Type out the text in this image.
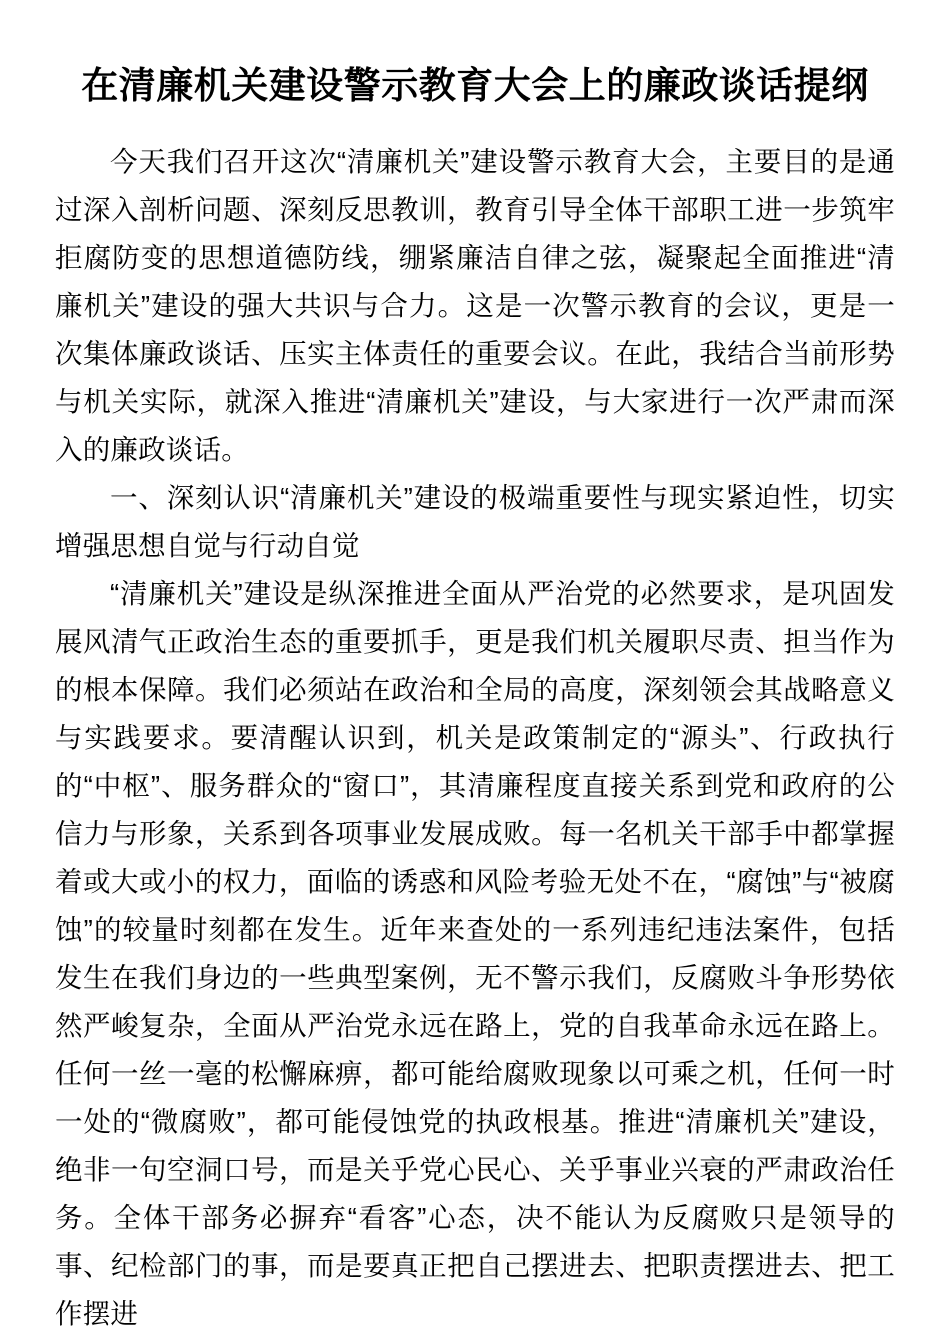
在清廉机关建设警示教育大会上的廉政谈话提纲

今天我们召开这次“清廉机关”建设警示教育大会，主要目的是通过深入剖析问题、深刻反思教训，教育引导全体干部职工进一步筑牢拒腐防变的思想道德防线，绷紧廉洁自律之弦，凝聚起全面推进“清廉机关”建设的强大共识与合力。这是一次警示教育的会议，更是一次集体廉政谈话、压实主体责任的重要会议。在此，我结合当前形势与机关实际，就深入推进“清廉机关”建设，与大家进行一次严肃而深入的廉政谈话。

一、深刻认识“清廉机关”建设的极端重要性与现实紧迫性，切实增强思想自觉与行动自觉

“清廉机关”建设是纵深推进全面从严治党的必然要求，是巩固发展风清气正政治生态的重要抓手，更是我们机关履职尽责、担当作为的根本保障。我们必须站在政治和全局的高度，深刻领会其战略意义与实践要求。要清醒认识到，机关是政策制定的“源头”、行政执行的“中枢”、服务群众的“窗口”，其清廉程度直接关系到党和政府的公信力与形象，关系到各项事业发展成败。每一名机关干部手中都掌握着或大或小的权力，面临的诱惑和风险考验无处不在，“腐蚀”与“被腐蚀”的较量时刻都在发生。近年来查处的一系列违纪违法案件，包括发生在我们身边的一些典型案例，无不警示我们，反腐败斗争形势依然严峻复杂，全面从严治党永远在路上，党的自我革命永远在路上。任何一丝一毫的松懈麻痹，都可能给腐败现象以可乘之机，任何一时一处的“微腐败”，都可能侵蚀党的执政根基。推进“清廉机关”建设，绝非一句空洞口号，而是关乎党心民心、关乎事业兴衰的严肃政治任务。全体干部务必摒弃“看客”心态，决不能认为反腐败只是领导的事、纪检部门的事，而是要真正把自己摆进去、把职责摆进去、把工作摆进
